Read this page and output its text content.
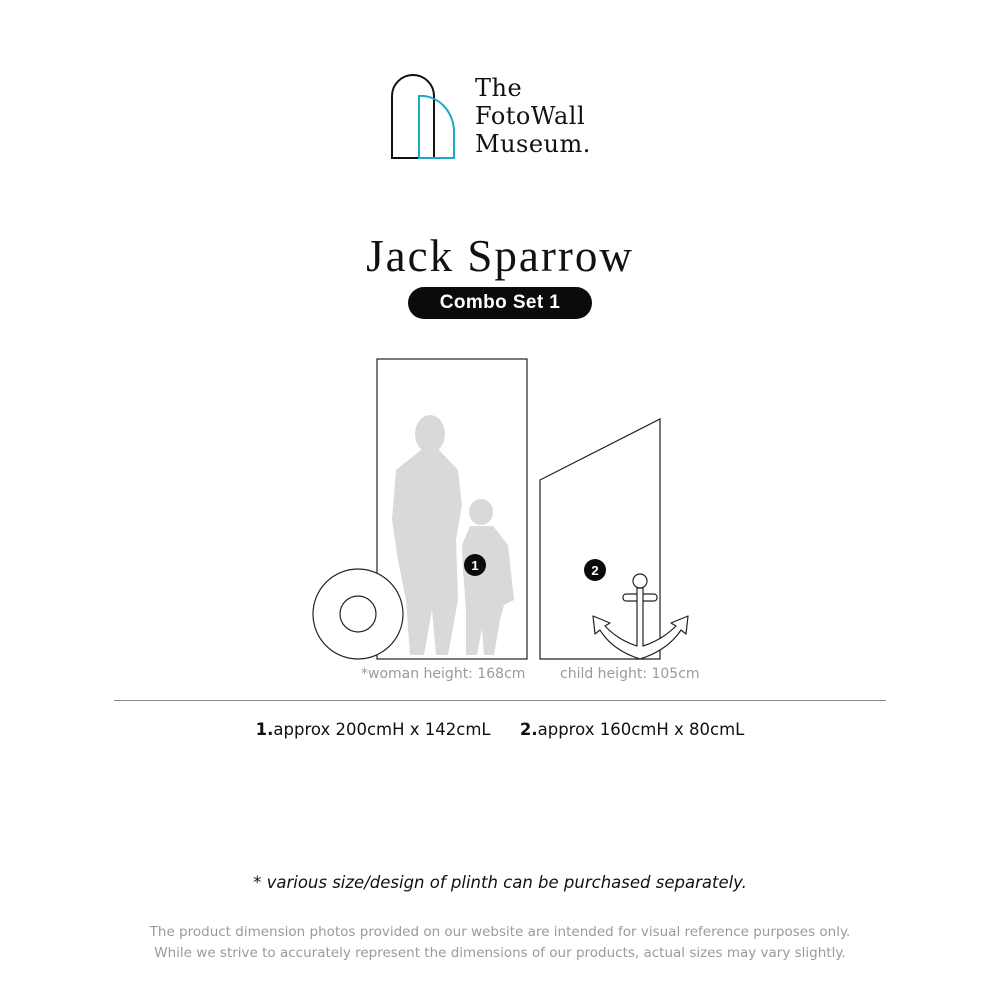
The
FotoWall
Museum.
Jack Sparrow
Combo Set 1
1	2
*woman height: 168cm child height: 105cm
1.approx 200cmH x 142cmL 2.approx 160cmH x 80cmL
* various size/design of plinth can be purchased separately.
The product dimension photos provided on our website are intended for visual reference purposes only.
While we strive to accurately represent the dimensions of our products, actual sizes may vary slightly.
